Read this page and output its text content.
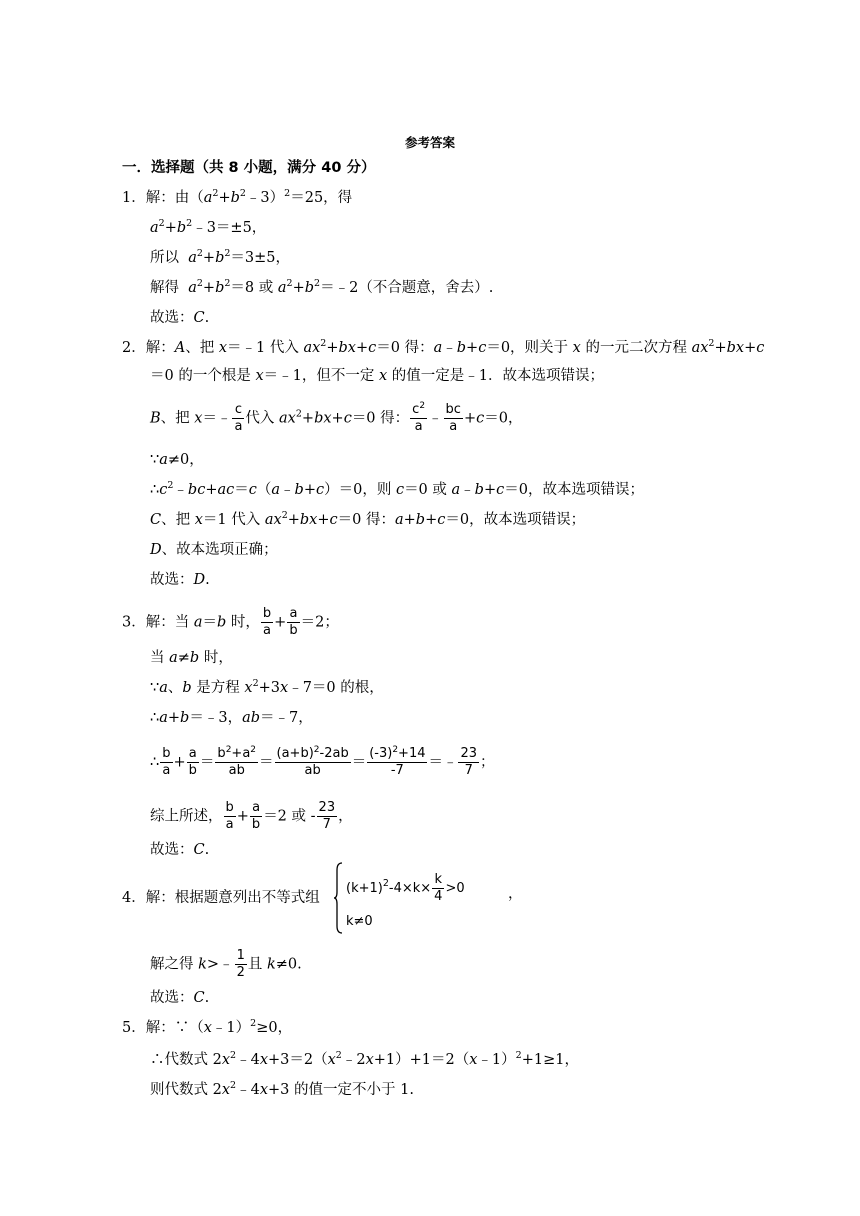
参考答案
一．选择题（共 8 小题，满分 40 分）
1．解：由$(a^2+b^2﹣3)^2=25$，得
$a^2+b^2﹣3=\pm 5$，
所以 $a^2+b^2=3\pm 5$，
解得 $a^2+b^2=8$ 或 $a^2+b^2=﹣2$（不合题意，舍去）.
故选：C.
2．解：A、把 x＝﹣1 代入 $ax^2+bx+c=0$ 得：a﹣b+c＝0，则关于 x 的一元二次方程 $ax^2+bx+c$
＝0 的一个根是 x＝﹣1，但不一定 x 的值一定是﹣1．故本选项错误；
B、把 x＝﹣ $\frac{c}{a}$ 代入 $ax^2+bx+c=0$ 得： $\frac{c^2}{a}$ ﹣ $\frac{bc}{a} +c=0$，
∵a≠0，
$\therefore c^2﹣bc+ac=c(a﹣b+c)=0$，则 c＝0 或 a﹣b+c＝0，故本选项错误；
C、把 x＝1 代入 $ax^2+bx+c=0$ 得：a+b+c＝0，故本选项错误；
D、故本选项正确；
故选：D.
3．解：当 a＝b 时， $\frac{b}{a} + \frac{a}{b} =2$；
当 a≠b 时，
∵a、b 是方程 $x^2+3x﹣7=0$ 的根，
∴a+b＝﹣3，ab＝﹣7，
∴ $\frac{b}{a} + \frac{a}{b} = \frac{b^2+a^2}{ab} = \frac{(a+b)^2-2ab}{ab} = \frac{(-3)^2+14}{-7}$ ＝﹣ $\frac{23}{7}$ ；
综上所述， $\frac{b}{a} + \frac{a}{b} =2$ 或 - $\frac{23}{7}$ ，
故选：C.
$(k+1)^2-4\times k\times \frac{k}{4} >0$	，
k≠0
4．解：根据题意列出不等式组
解之得 k>﹣ $\frac{1}{2}$ 且 k≠0.
故选：C.
5．解：∵（x﹣1）$^2$≥0，
∴代数式 $2x^2﹣4x+3=2(x^2﹣2x+1)+1=2(x﹣1)^2+1\ge 1$，
则代数式 $2x^2﹣4x+3$ 的值一定不小于 1.
